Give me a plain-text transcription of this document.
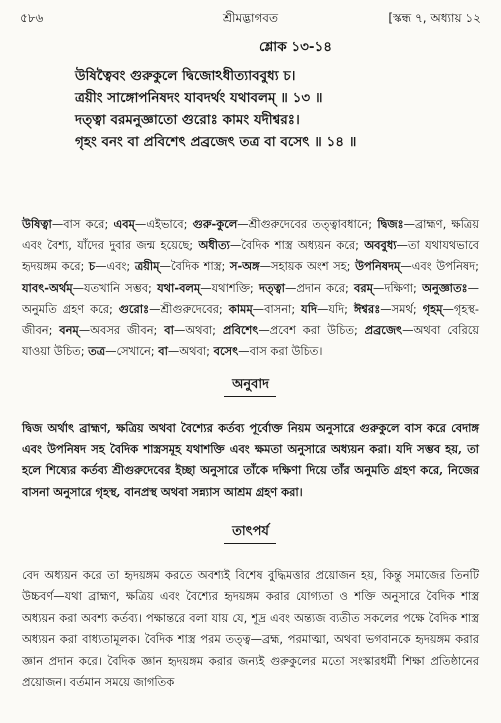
৫৮৬	শ্রীমদ্ভাগবত	[স্কন্ধ ৭, অধ্যায় ১২
শ্লোক ১৩-১৪
উষিত্বৈবং গুরুকুলে দ্বিজোঽধীত্যাববুধ্য চ।
ত্রয়ীং সাঙ্গোপনিষদং যাবদর্থং যথাবলম্ ॥ ১৩ ॥
দত্ত্বা বরমনুজ্ঞাতো গুরোঃ কামং যদীশ্বরঃ।
গৃহং বনং বা প্রবিশেৎ প্রব্রজেৎ তত্র বা বসেৎ ॥ ১৪ ॥

উষিত্বা—বাস করে; এবম্—এইভাবে; গুরু-কুলে—শ্রীগুরুদেবের তত্ত্বাবধানে; দ্বিজঃ—ব্রাহ্মণ, ক্ষত্রিয় এবং বৈশ্য, যাঁদের দুবার জন্ম হয়েছে; অধীত্য—বৈদিক শাস্ত্র অধ্যয়ন করে; অববুধ্য—তা যথাযথভাবে হৃদয়ঙ্গম করে; চ—এবং; ত্রয়ীম্—বৈদিক শাস্ত্র; স-অঙ্গ—সহায়ক অংশ সহ; উপনিষদম্—এবং উপনিষদ; যাবৎ-অর্থম্—যতখানি সম্ভব; যথা-বলম্—যথাশক্তি; দত্ত্বা—প্রদান করে; বরম্—দক্ষিণা; অনুজ্ঞাতঃ—অনুমতি গ্রহণ করে; গুরোঃ—শ্রীগুরুদেবের; কামম্—বাসনা; যদি—যদি; ঈশ্বরঃ—সমর্থ; গৃহম্—গৃহস্থ-জীবন; বনম্—অবসর জীবন; বা—অথবা; প্রবিশেৎ—প্রবেশ করা উচিত; প্রব্রজেৎ—অথবা বেরিয়ে যাওয়া উচিত; তত্র—সেখানে; বা—অথবা; বসেৎ—বাস করা উচিত।

অনুবাদ

দ্বিজ অর্থাৎ ব্রাহ্মণ, ক্ষত্রিয় অথবা বৈশ্যের কর্তব্য পূর্বোক্ত নিয়ম অনুসারে গুরুকুলে বাস করে বেদাঙ্গ এবং উপনিষদ সহ বৈদিক শাস্ত্রসমূহ যথাশক্তি এবং ক্ষমতা অনুসারে অধ্যয়ন করা। যদি সম্ভব হয়, তা হলে শিষ্যের কর্তব্য শ্রীগুরুদেবের ইচ্ছা অনুসারে তাঁকে দক্ষিণা দিয়ে তাঁর অনুমতি গ্রহণ করে, নিজের বাসনা অনুসারে গৃহস্থ, বানপ্রস্থ অথবা সন্ন্যাস আশ্রম গ্রহণ করা।

তাৎপর্য

বেদ অধ্যয়ন করে তা হৃদয়ঙ্গম করতে অবশ্যই বিশেষ বুদ্ধিমত্তার প্রয়োজন হয়, কিন্তু সমাজের তিনটি উচ্চবর্ণ—যথা ব্রাহ্মণ, ক্ষত্রিয় এবং বৈশ্যের হৃদয়ঙ্গম করার যোগ্যতা ও শক্তি অনুসারে বৈদিক শাস্ত্র অধ্যয়ন করা অবশ্য কর্তব্য। পক্ষান্তরে বলা যায় যে, শূদ্র এবং অন্ত্যজ ব্যতীত সকলের পক্ষে বৈদিক শাস্ত্র অধ্যয়ন করা বাধ্যতামূলক। বৈদিক শাস্ত্র পরম তত্ত্ব—ব্রহ্ম, পরমাত্মা, অথবা ভগবানকে হৃদয়ঙ্গম করার জ্ঞান প্রদান করে। বৈদিক জ্ঞান হৃদয়ঙ্গম করার জন্যই গুরুকুলের মতো সংস্কারধর্মী শিক্ষা প্রতিষ্ঠানের প্রয়োজন। বর্তমান সময়ে জাগতিক
